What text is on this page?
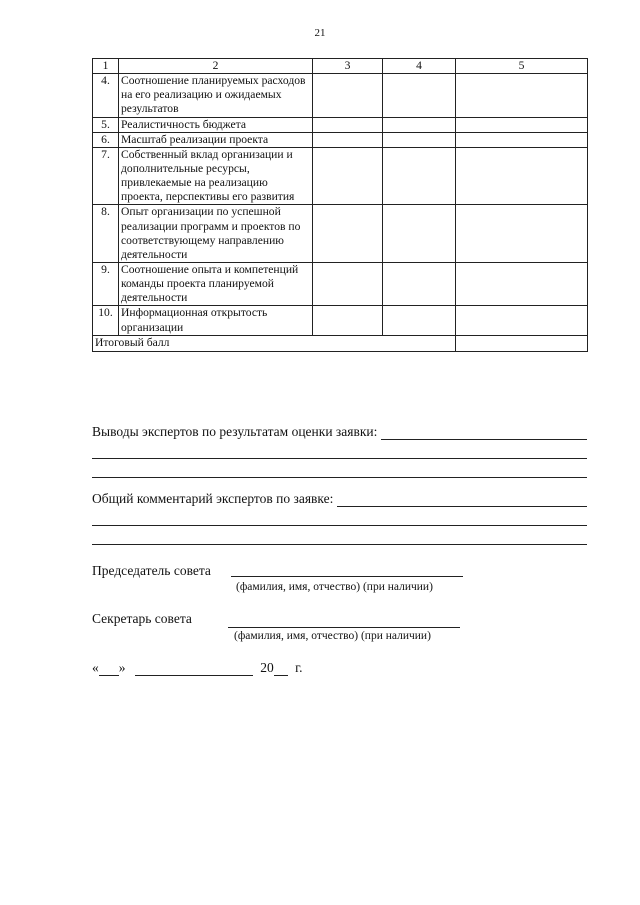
21
1	2	3	4	5
4.	Соотношение планируемых расходов на его реализацию и ожидаемых результатов			
5.	Реалистичность бюджета			
6.	Масштаб реализации проекта			
7.	Собственный вклад организации и дополнительные ресурсы, привлекаемые на реализацию проекта, перспективы его развития			
8.	Опыт организации по успешной реализации программ и проектов по соответствующему направлению деятельности			
9.	Соотношение опыта и компетенций команды проекта планируемой деятельности			
10.	Информационная открытость организации			
Итоговый балл				
Выводы экспертов по результатам оценки заявки:
Общий комментарий экспертов по заявке:
Председатель совета
(фамилия, имя, отчество) (при наличии)
Секретарь совета
(фамилия, имя, отчество) (при наличии)
« »	20 г.
